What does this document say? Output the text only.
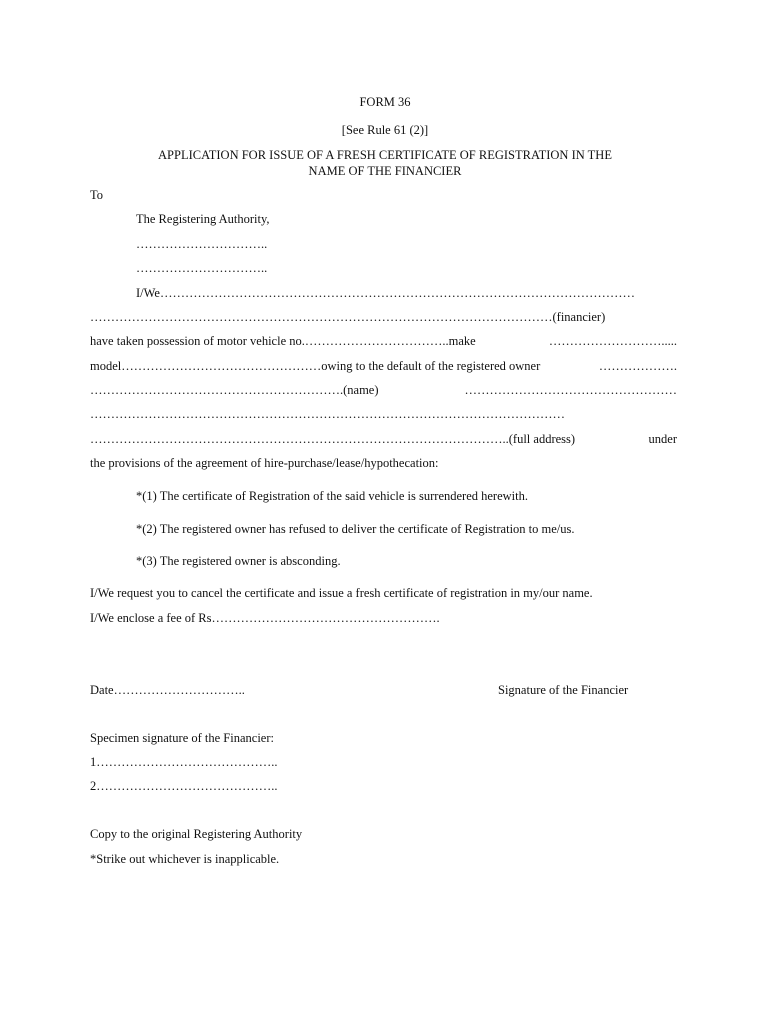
FORM 36
[See Rule 61 (2)]
APPLICATION FOR ISSUE OF A FRESH CERTIFICATE OF REGISTRATION IN THE
NAME OF THE FINANCIER
To
The Registering Authority,
…………………………..
…………………………..
I/We……………………………………………………………………………………………………
…………………………………………………………………………………………………(financier)
have taken possession of motor vehicle no.……………………………..make	……………………….....
model…………………………………………owing to the default of the registered owner	……………….
…………………………………………………….(name)	……………………………………………
……………………………………………………………………………………………………
………………………………………………………………………………………..(full address)	under
the provisions of the agreement of hire-purchase/lease/hypothecation:
*(1) The certificate of Registration of the said vehicle is surrendered herewith.
*(2) The registered owner has refused to deliver the certificate of Registration to me/us.
*(3) The registered owner is absconding.
I/We request you to cancel the certificate and issue a fresh certificate of registration in my/our name.
I/We enclose a fee of Rs……………………………………………….
Date…………………………..	Signature of the Financier
Specimen signature of the Financier:
1……………………………………..
2……………………………………..
Copy to the original Registering Authority
*Strike out whichever is inapplicable.
